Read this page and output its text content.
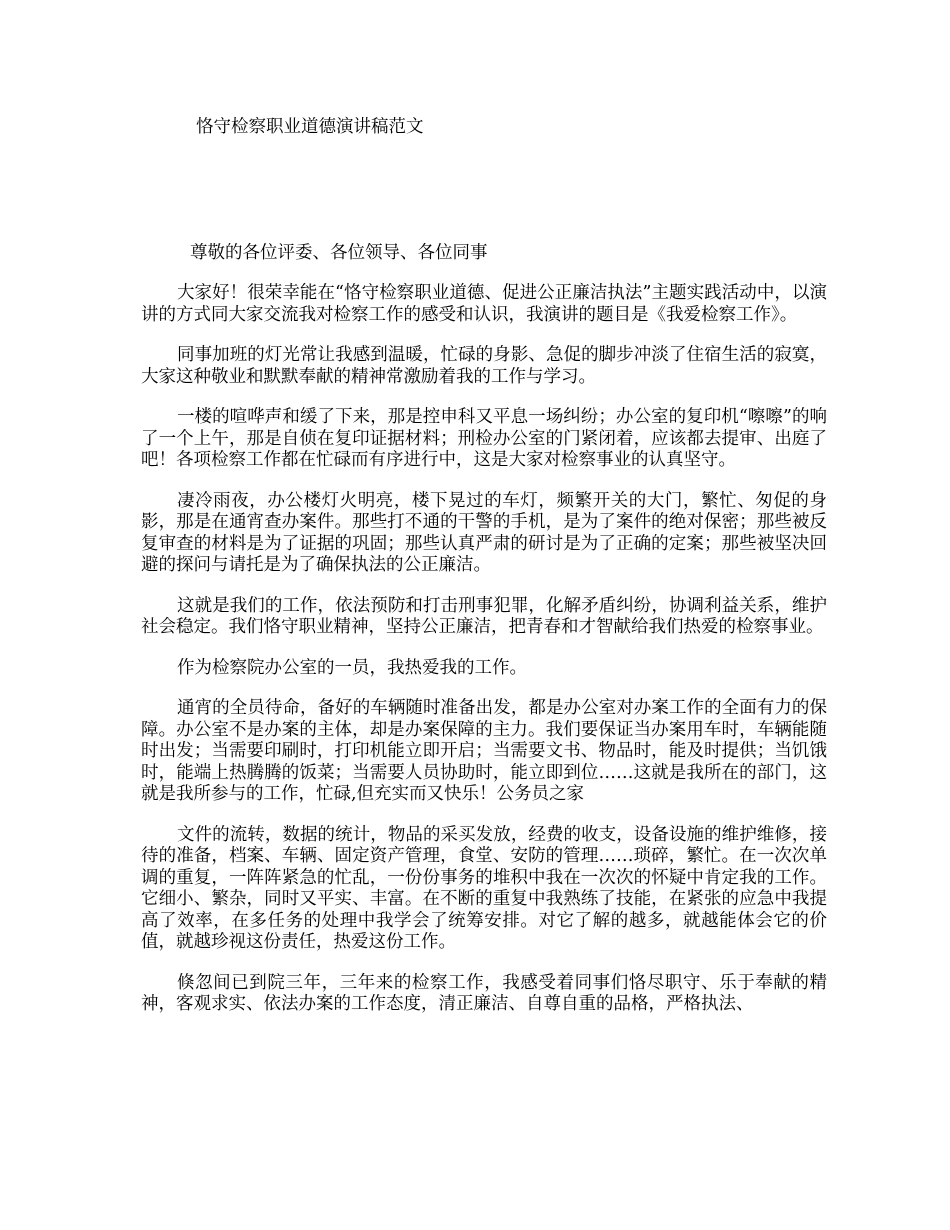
恪守检察职业道德演讲稿范文

尊敬的各位评委、各位领导、各位同事

大家好！很荣幸能在“恪守检察职业道德、促进公正廉洁执法”主题实践活动中，以演讲的方式同大家交流我对检察工作的感受和认识，我演讲的题目是《我爱检察工作》。

同事加班的灯光常让我感到温暖，忙碌的身影、急促的脚步冲淡了住宿生活的寂寞，大家这种敬业和默默奉献的精神常激励着我的工作与学习。

一楼的喧哗声和缓了下来，那是控申科又平息一场纠纷；办公室的复印机“嚓嚓”的响了一个上午，那是自侦在复印证据材料；刑检办公室的门紧闭着，应该都去提审、出庭了吧！各项检察工作都在忙碌而有序进行中，这是大家对检察事业的认真坚守。

凄冷雨夜，办公楼灯火明亮，楼下晃过的车灯，频繁开关的大门，繁忙、匆促的身影，那是在通宵查办案件。那些打不通的干警的手机，是为了案件的绝对保密；那些被反复审查的材料是为了证据的巩固；那些认真严肃的研讨是为了正确的定案；那些被坚决回避的探问与请托是为了确保执法的公正廉洁。

这就是我们的工作，依法预防和打击刑事犯罪，化解矛盾纠纷，协调利益关系，维护社会稳定。我们恪守职业精神，坚持公正廉洁，把青春和才智献给我们热爱的检察事业。

作为检察院办公室的一员，我热爱我的工作。

通宵的全员待命，备好的车辆随时准备出发，都是办公室对办案工作的全面有力的保障。办公室不是办案的主体，却是办案保障的主力。我们要保证当办案用车时，车辆能随时出发；当需要印刷时，打印机能立即开启；当需要文书、物品时，能及时提供；当饥饿时，能端上热腾腾的饭菜；当需要人员协助时，能立即到位……这就是我所在的部门，这就是我所参与的工作，忙碌,但充实而又快乐！公务员之家

文件的流转，数据的统计，物品的采买发放，经费的收支，设备设施的维护维修，接待的准备，档案、车辆、固定资产管理，食堂、安防的管理……琐碎，繁忙。在一次次单调的重复，一阵阵紧急的忙乱，一份份事务的堆积中我在一次次的怀疑中肯定我的工作。它细小、繁杂，同时又平实、丰富。在不断的重复中我熟练了技能，在紧张的应急中我提高了效率，在多任务的处理中我学会了统筹安排。对它了解的越多，就越能体会它的价值，就越珍视这份责任，热爱这份工作。

倏忽间已到院三年，三年来的检察工作，我感受着同事们恪尽职守、乐于奉献的精神，客观求实、依法办案的工作态度，清正廉洁、自尊自重的品格，严格执法、
